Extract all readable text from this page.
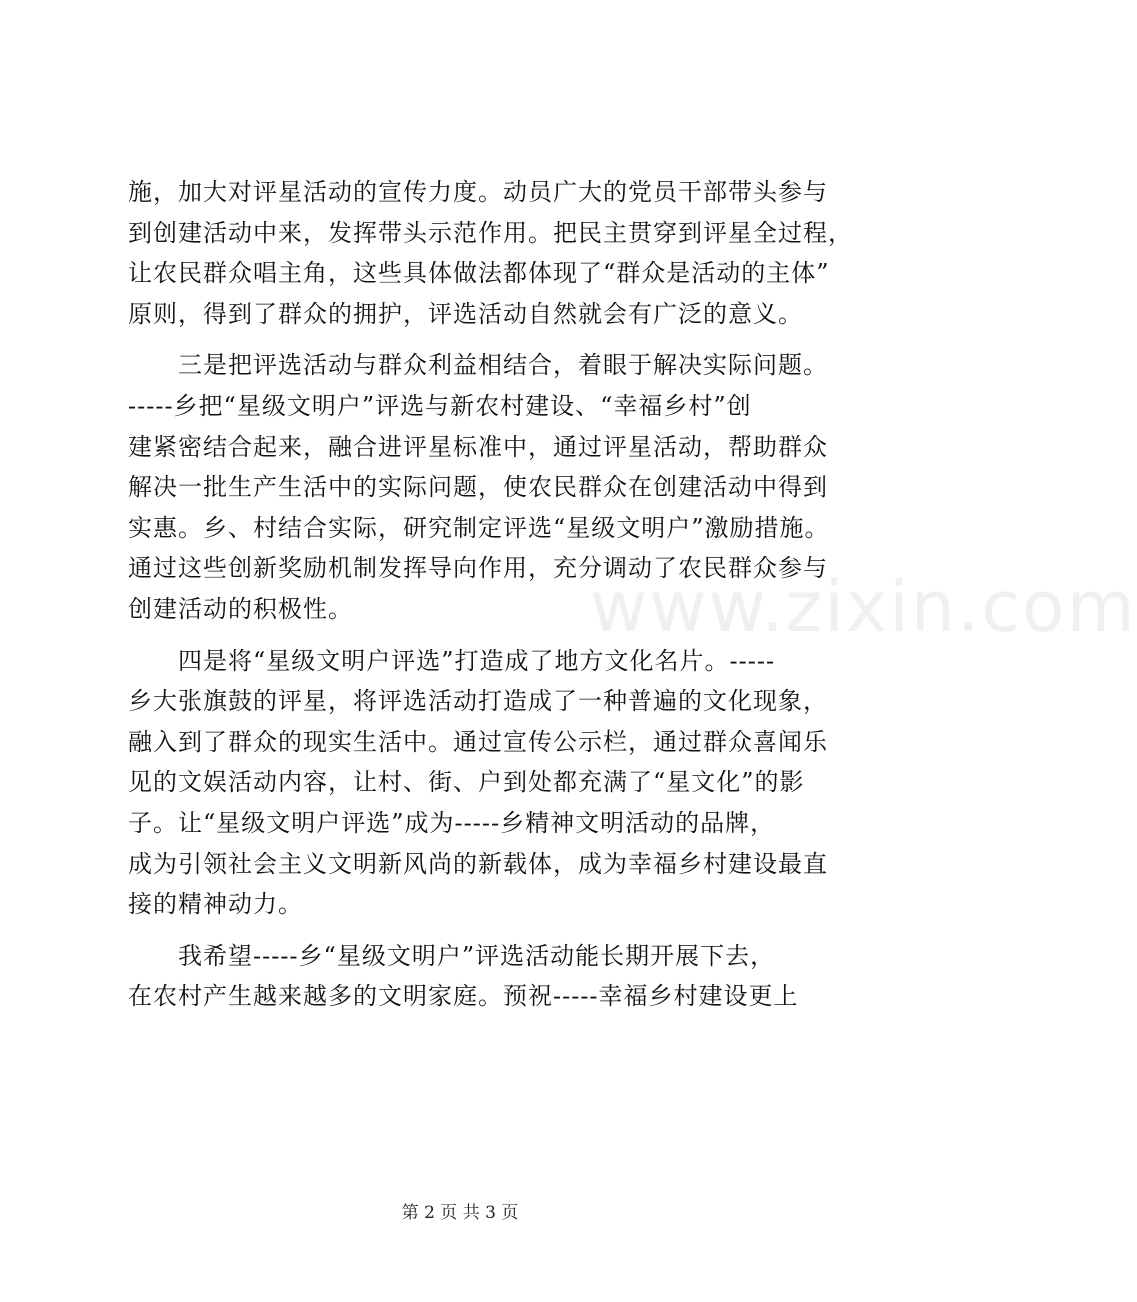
www.zixin.com
施，加大对评星活动的宣传力度。动员广大的党员干部带头参与
到创建活动中来，发挥带头示范作用。把民主贯穿到评星全过程，
让农民群众唱主角，这些具体做法都体现了“群众是活动的主体”
原则，得到了群众的拥护，评选活动自然就会有广泛的意义。
　　三是把评选活动与群众利益相结合，着眼于解决实际问题。
-----乡把“星级文明户”评选与新农村建设、“幸福乡村”创
建紧密结合起来，融合进评星标准中，通过评星活动，帮助群众
解决一批生产生活中的实际问题，使农民群众在创建活动中得到
实惠。乡、村结合实际，研究制定评选“星级文明户”激励措施。
通过这些创新奖励机制发挥导向作用，充分调动了农民群众参与
创建活动的积极性。
　　四是将“星级文明户评选”打造成了地方文化名片。-----
乡大张旗鼓的评星，将评选活动打造成了一种普遍的文化现象，
融入到了群众的现实生活中。通过宣传公示栏，通过群众喜闻乐
见的文娱活动内容，让村、街、户到处都充满了“星文化”的影
子。让“星级文明户评选”成为-----乡精神文明活动的品牌，
成为引领社会主义文明新风尚的新载体，成为幸福乡村建设最直
接的精神动力。
　　我希望-----乡“星级文明户”评选活动能长期开展下去，
在农村产生越来越多的文明家庭。预祝-----幸福乡村建设更上
第 2 页 共 3 页
